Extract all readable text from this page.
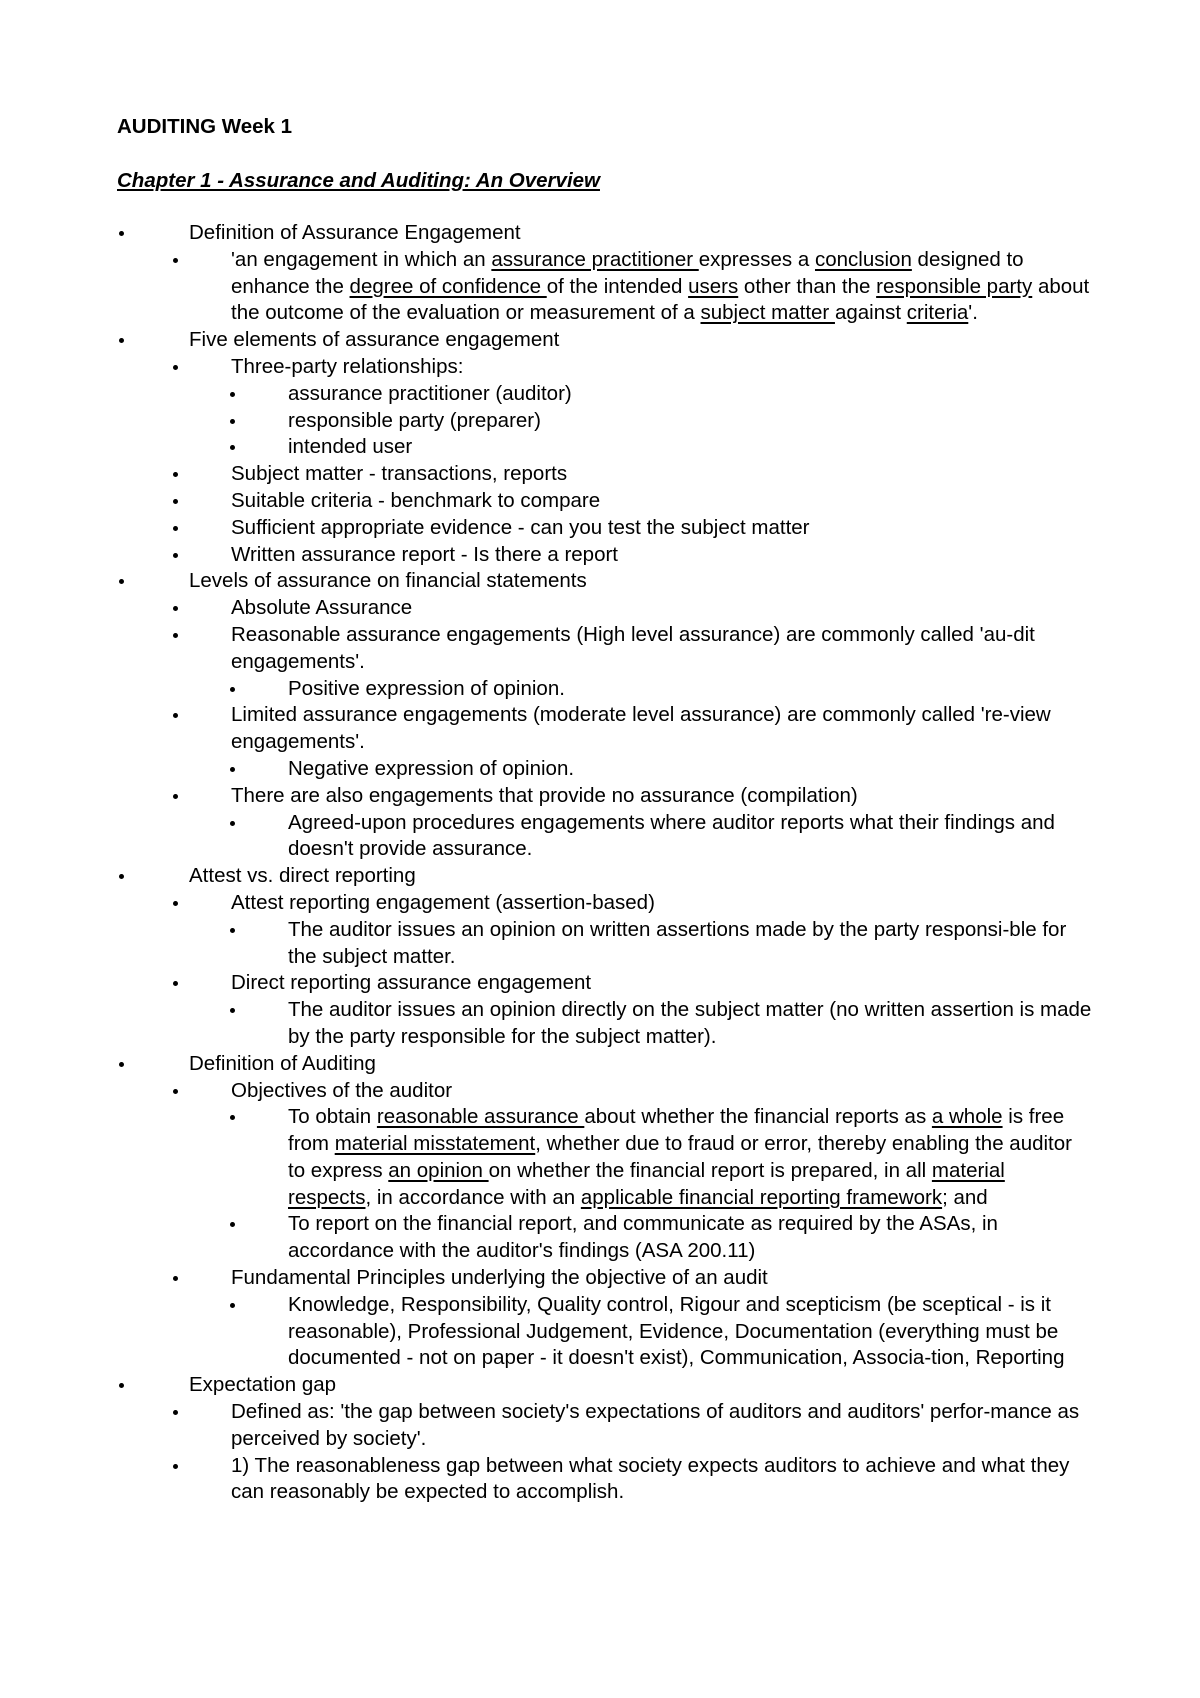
AUDITING Week 1
Chapter 1 - Assurance and Auditing: An Overview
Definition of Assurance Engagement
'an engagement in which an assurance practitioner expresses a conclusion designed to enhance the degree of confidence of the intended users other than the responsible party about the outcome of the evaluation or measurement of a subject matter against criteria'.
Five elements of assurance engagement
Three-party relationships:
assurance practitioner (auditor)
responsible party (preparer)
intended user
Subject matter - transactions, reports
Suitable criteria - benchmark to compare
Sufficient appropriate evidence - can you test the subject matter
Written assurance report - Is there a report
Levels of assurance on financial statements
Absolute Assurance
Reasonable assurance engagements (High level assurance) are commonly called 'au-dit engagements'.
Positive expression of opinion.
Limited assurance engagements (moderate level assurance) are commonly called 're-view engagements'.
Negative expression of opinion.
There are also engagements that provide no assurance (compilation)
Agreed-upon procedures engagements where auditor reports what their findings and doesn't provide assurance.
Attest vs. direct reporting
Attest reporting engagement (assertion-based)
The auditor issues an opinion on written assertions made by the party responsi-ble for the subject matter.
Direct reporting assurance engagement
The auditor issues an opinion directly on the subject matter (no written assertion is made by the party responsible for the subject matter).
Definition of Auditing
Objectives of the auditor
To obtain reasonable assurance about whether the financial reports as a whole is free from material misstatement, whether due to fraud or error, thereby enabling the auditor to express an opinion on whether the financial report is prepared, in all material respects, in accordance with an applicable financial reporting framework; and
To report on the financial report, and communicate as required by the ASAs, in accordance with the auditor's findings (ASA 200.11)
Fundamental Principles underlying the objective of an audit
Knowledge, Responsibility, Quality control, Rigour and scepticism (be sceptical - is it reasonable), Professional Judgement, Evidence, Documentation (everything must be documented - not on paper - it doesn't exist), Communication, Associa-tion, Reporting
Expectation gap
Defined as: 'the gap between society's expectations of auditors and auditors' perfor-mance as perceived by society'.
1) The reasonableness gap between what society expects auditors to achieve and what they can reasonably be expected to accomplish.
